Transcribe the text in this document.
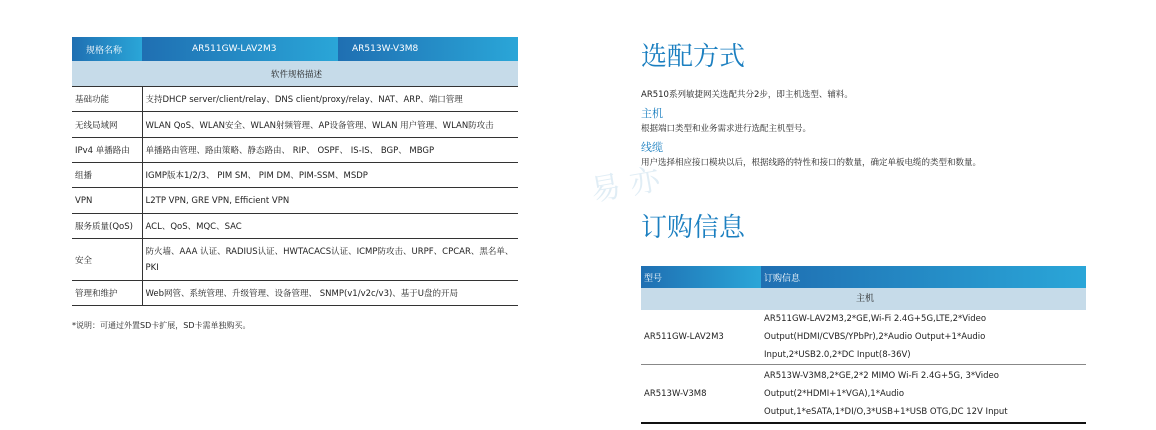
规格名称	AR511GW-LAV2M3	AR513W-V3M8
软件规格描述		
基础功能	支持DHCP server/client/relay、DNS client/proxy/relay、NAT、ARP、端口管理	
无线局域网	WLAN QoS、WLAN安全、WLAN射频管理、AP设备管理、WLAN 用户管理、WLAN防攻击	
IPv4 单播路由	单播路由管理、路由策略、静态路由、 RIP、 OSPF、 IS-IS、 BGP、 MBGP	
组播	IGMP版本1/2/3、 PIM SM、 PIM DM、PIM-SSM、MSDP	
VPN	L2TP VPN, GRE VPN, Efficient VPN	
服务质量(QoS)	ACL、QoS、MQC、SAC	
安全	防火墙、AAA 认证、RADIUS认证、HWTACACS认证、ICMP防攻击、URPF、CPCAR、黑名单、PKI	
管理和维护	Web网管、系统管理、升级管理、设备管理、 SNMP(v1/v2c/v3)、基于U盘的开局	
*说明：可通过外置SD卡扩展，SD卡需单独购买。
易 亦
选配方式
AR510系列敏捷网关选配共分2步，即主机选型、辅料。
主机
根据端口类型和业务需求进行选配主机型号。
线缆
用户选择相应接口模块以后，根据线路的特性和接口的数量，确定单板电缆的类型和数量。
订购信息
型号	订购信息
主机	
AR511GW-LAV2M3	AR511GW-LAV2M3,2*GE,Wi-Fi 2.4G+5G,LTE,2*Video Output(HDMI/CVBS/YPbPr),2*Audio Output+1*Audio Input,2*USB2.0,2*DC Input(8-36V)
AR513W-V3M8	AR513W-V3M8,2*GE,2*2 MIMO Wi-Fi 2.4G+5G, 3*Video Output(2*HDMI+1*VGA),1*Audio Output,1*eSATA,1*DI/O,3*USB+1*USB OTG,DC 12V Input
